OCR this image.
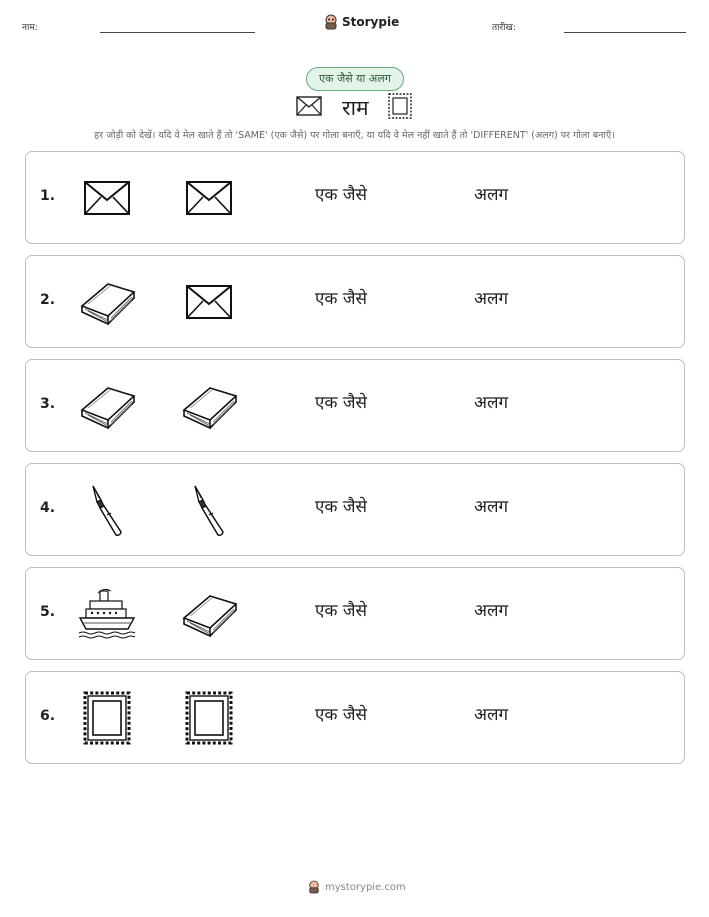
नाम:	Storypie	तारीख:
एक जैसे या अलग
राम
हर जोड़ी को देखें। यदि वे मेल खाते हैं तो 'SAME' (एक जैसे) पर गोला बनाएँ, या यदि वे मेल नहीं खाते हैं तो 'DIFFERENT' (अलग) पर गोला बनाएँ।
1.	एक जैसे	अलग
2.	एक जैसे	अलग
3.	एक जैसे	अलग
4.	एक जैसे	अलग
5.	एक जैसे	अलग
6.	एक जैसे	अलग
mystorypie.com
